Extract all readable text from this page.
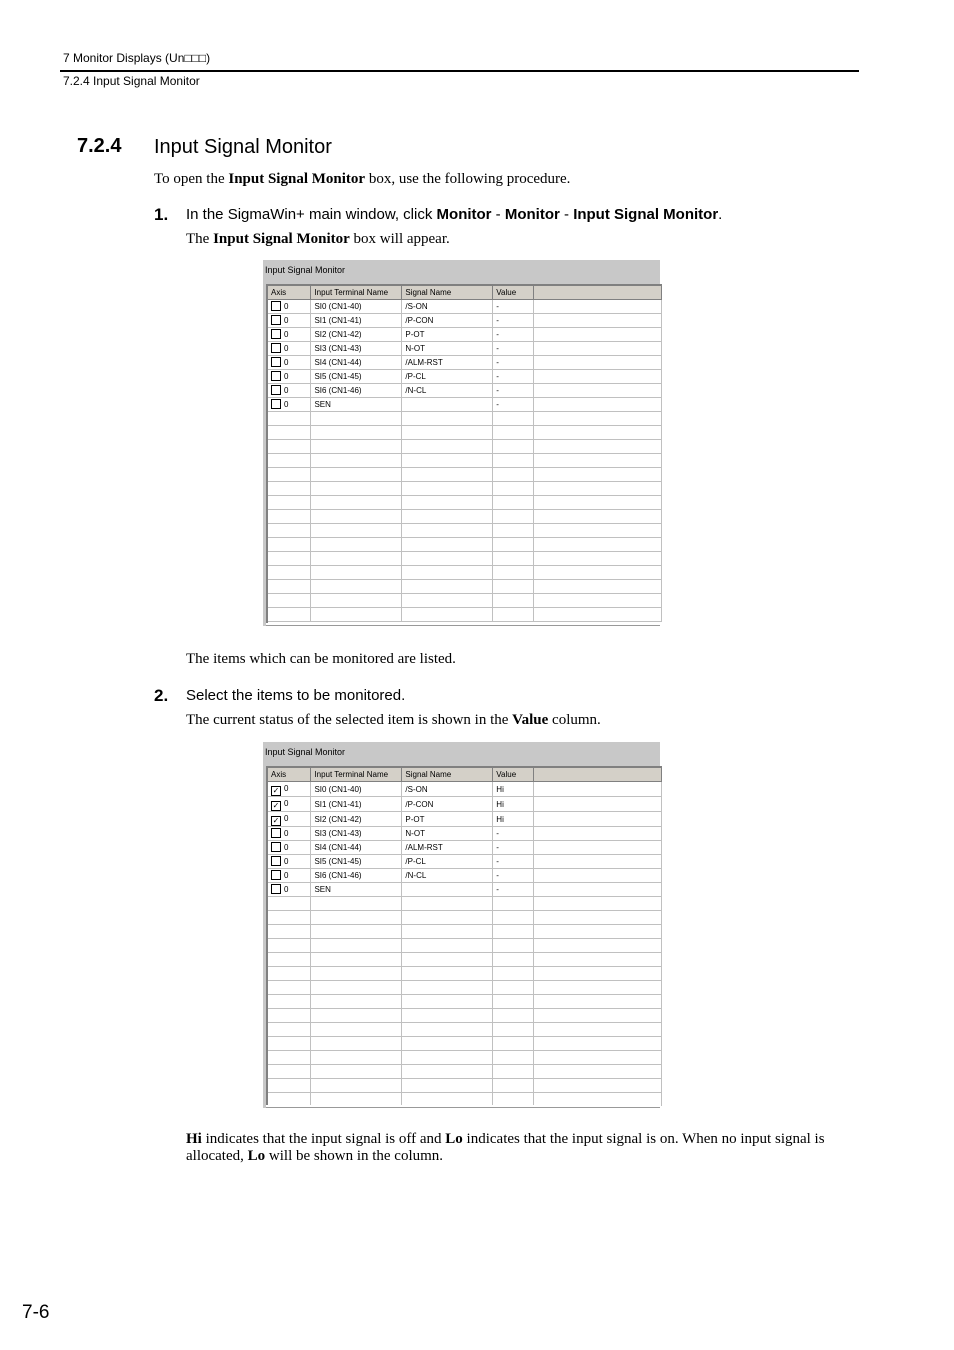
7 Monitor Displays (Un□□□)
7.2.4 Input Signal Monitor
7.2.4 Input Signal Monitor
To open the Input Signal Monitor box, use the following procedure.
1. In the SigmaWin+ main window, click Monitor - Monitor - Input Signal Monitor.
The Input Signal Monitor box will appear.
Input Signal Monitor
Axis	Input Terminal Name	Signal Name	Value	
0	SI0 (CN1-40)	/S-ON	-	
0	SI1 (CN1-41)	/P-CON	-	
0	SI2 (CN1-42)	P-OT	-	
0	SI3 (CN1-43)	N-OT	-	
0	SI4 (CN1-44)	/ALM-RST	-	
0	SI5 (CN1-45)	/P-CL	-	
0	SI6 (CN1-46)	/N-CL	-	
0	SEN		-	

The items which can be monitored are listed.
2. Select the items to be monitored.
The current status of the selected item is shown in the Value column.
Input Signal Monitor
Axis	Input Terminal Name	Signal Name	Value	
✓ 0	SI0 (CN1-40)	/S-ON	Hi	
✓ 0	SI1 (CN1-41)	/P-CON	Hi	
✓ 0	SI2 (CN1-42)	P-OT	Hi	
0	SI3 (CN1-43)	N-OT	-	
0	SI4 (CN1-44)	/ALM-RST	-	
0	SI5 (CN1-45)	/P-CL	-	
0	SI6 (CN1-46)	/N-CL	-	
0	SEN		-	

Hi indicates that the input signal is off and Lo indicates that the input signal is on. When no input signal is allocated, Lo will be shown in the column.
7-6
